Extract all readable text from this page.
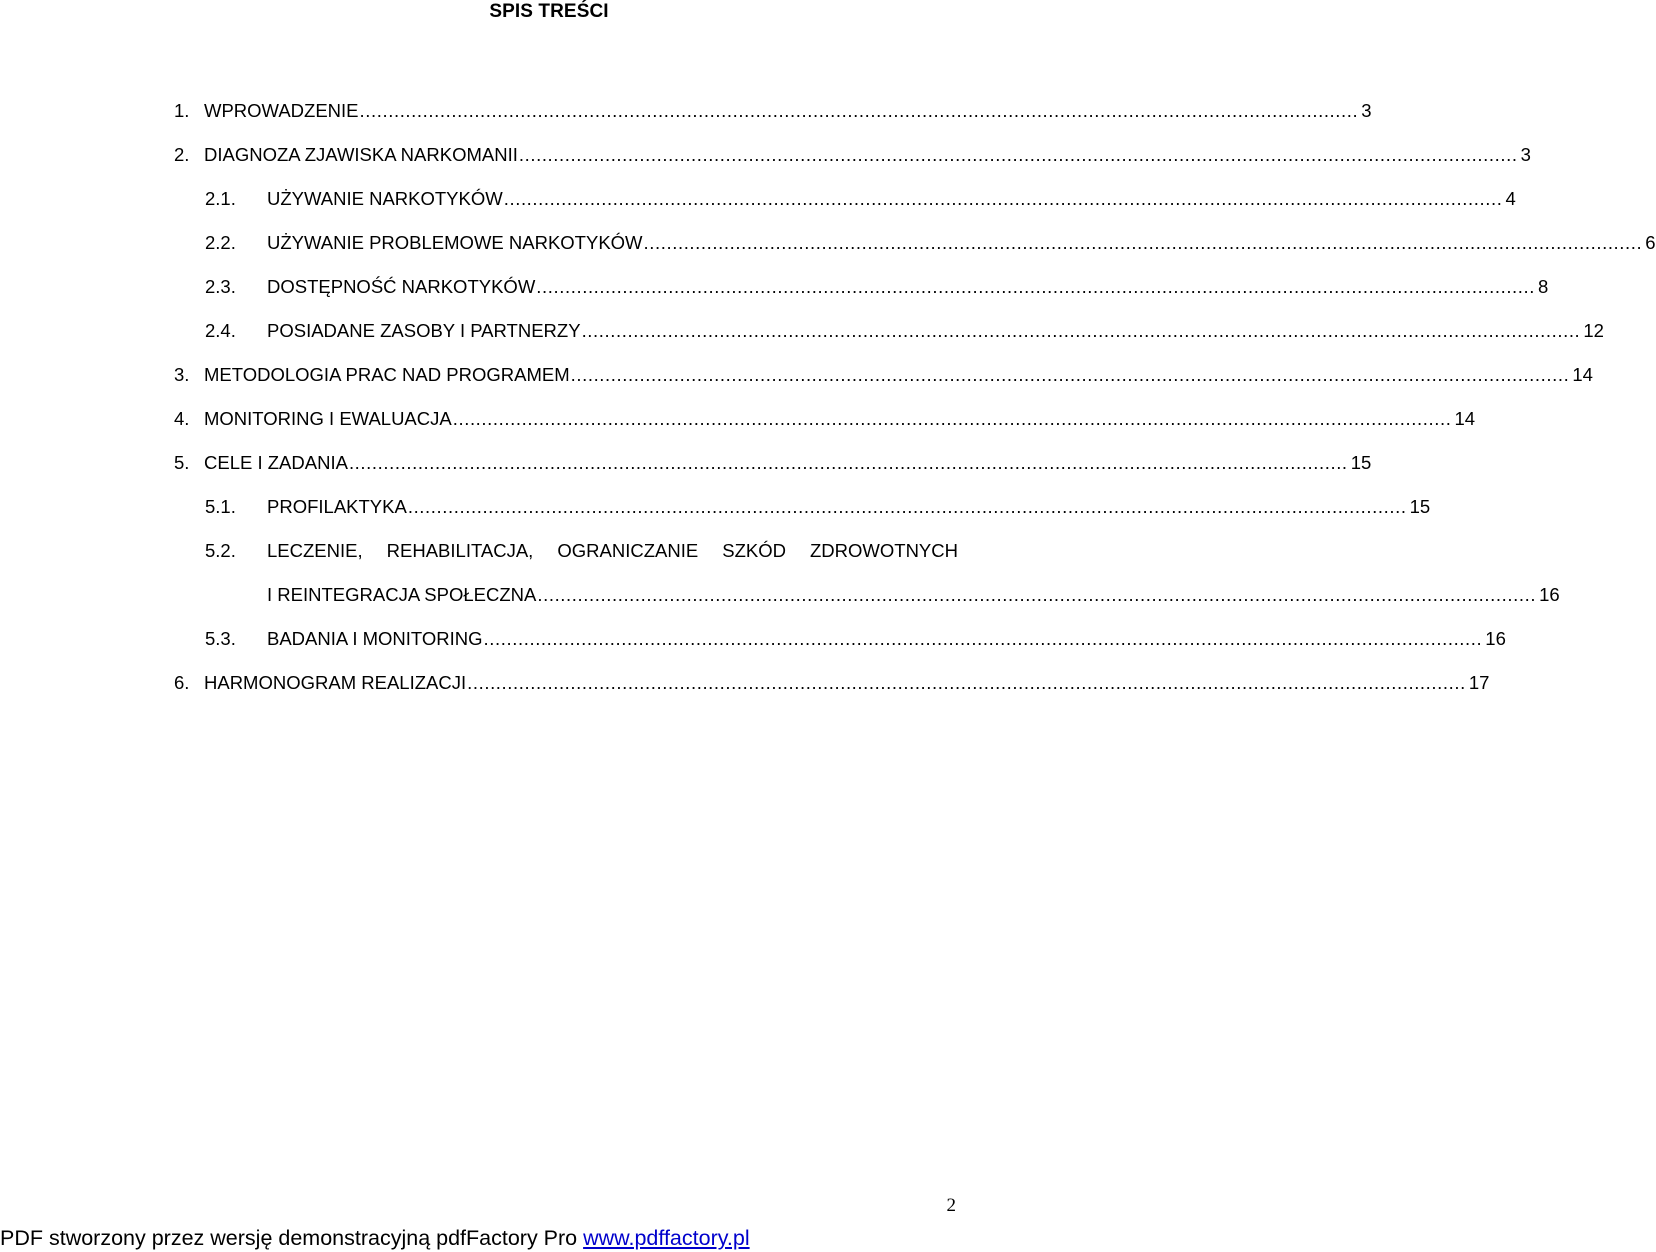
SPIS TREŚCI
1. WPROWADZENIE .............................................................................................................................................................................. 3
2. DIAGNOZA ZJAWISKA NARKOMANII .............................................................................................................................................................................. 3
2.1.	UŻYWANIE NARKOTYKÓW .............................................................................................................................................................................. 4
2.2.	UŻYWANIE PROBLEMOWE NARKOTYKÓW .............................................................................................................................................................................. 6
2.3.	DOSTĘPNOŚĆ NARKOTYKÓW .............................................................................................................................................................................. 8
2.4.	POSIADANE ZASOBY I PARTNERZY .............................................................................................................................................................................. 12
3. METODOLOGIA PRAC NAD PROGRAMEM .............................................................................................................................................................................. 14
4. MONITORING I EWALUACJA .............................................................................................................................................................................. 14
5. CELE I ZADANIA .............................................................................................................................................................................. 15
5.1.	PROFILAKTYKA .............................................................................................................................................................................. 15
5.2.	LECZENIE, REHABILITACJA, OGRANICZANIE SZKÓD ZDROWOTNYCH
I REINTEGRACJA SPOŁECZNA .............................................................................................................................................................................. 16
5.3.	BADANIA I MONITORING .............................................................................................................................................................................. 16
6. HARMONOGRAM REALIZACJI .............................................................................................................................................................................. 17
2
PDF stworzony przez wersję demonstracyjną pdfFactory Pro www.pdffactory.pl
